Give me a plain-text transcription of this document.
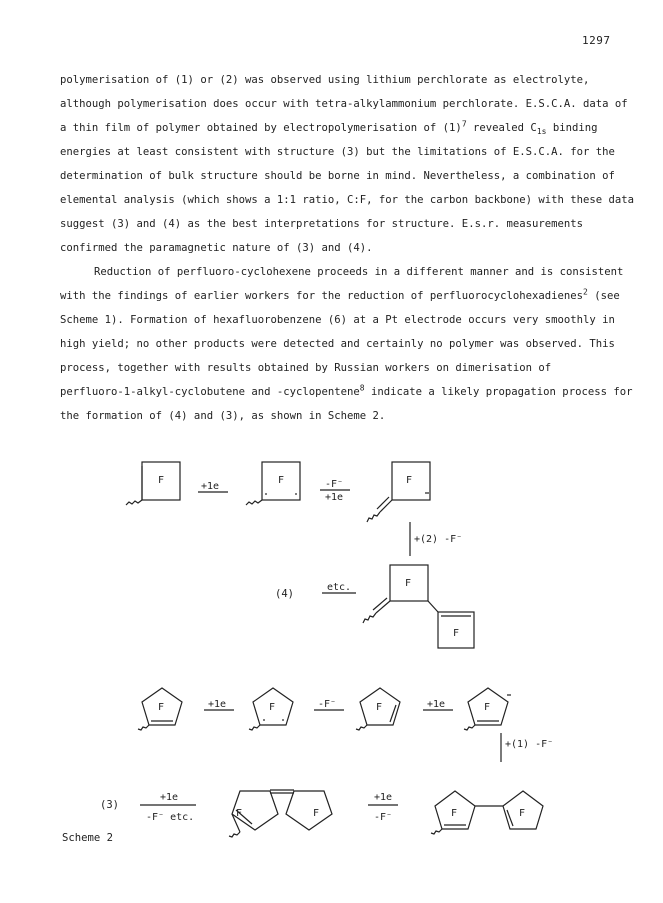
1297
polymerisation of (1) or (2) was observed using lithium perchlorate as electrolyte,
although polymerisation does occur with tetra-alkylammonium perchlorate. E.S.C.A. data of
a thin film of polymer obtained by electropolymerisation of $(1)^7$ revealed $C_{1s}$ binding
energies at least consistent with structure (3) but the limitations of E.S.C.A. for the
determination of bulk structure should be borne in mind. Nevertheless, a combination of
elemental analysis (which shows a 1:1 ratio, C:F, for the carbon backbone) with these data
suggest (3) and (4) as the best interpretations for structure. E.s.r. measurements
confirmed the paramagnetic nature of (3) and (4).
Reduction of perfluoro-cyclohexene proceeds in a different manner and is consistent
with the findings of earlier workers for the reduction of perfluorocyclohexadienes$^2$ (see
Scheme 1). Formation of hexafluorobenzene (6) at a Pt electrode occurs very smoothly in
high yield; no other products were detected and certainly no polymer was observed. This
process, together with results obtained by Russian workers on dimerisation of
perfluoro-1-alkyl-cyclobutene and -cyclopentene$^8$ indicate a likely propagation process for
the formation of (4) and (3), as shown in Scheme 2.
F
+1e
F	-F⁻
+1e
F
+(2) -F⁻
(4)
etc.	F
F
F	+1e	F	-F⁻	F	+1e	F
+(1) -F⁻
(3)
+1e
-F⁻ etc.	F	F
+1e
-F⁻	F	F
Scheme 2
